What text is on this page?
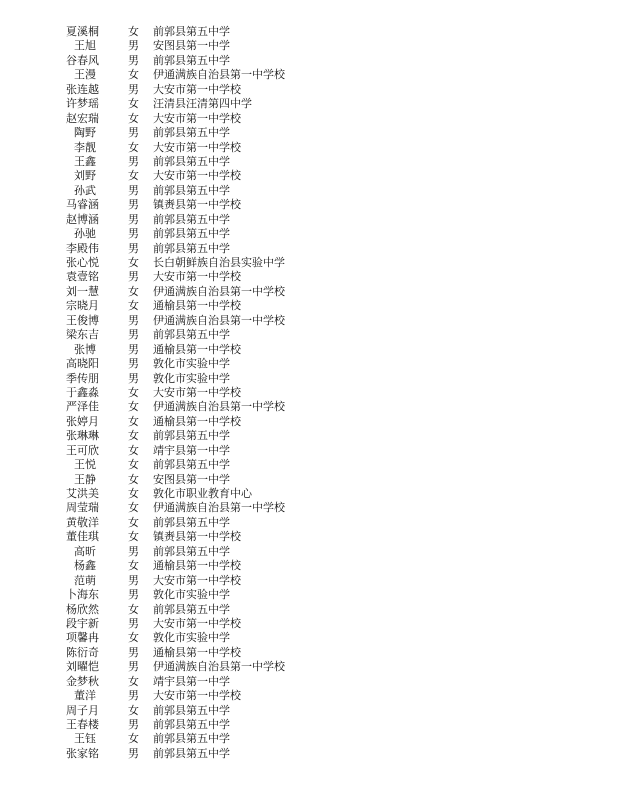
夏溪桐	女	前郭县第五中学
王旭	男	安图县第一中学
谷春风	男	前郭县第五中学
王漫	女	伊通满族自治县第一中学校
张连越	男	大安市第一中学校
许梦瑶	女	汪清县汪清第四中学
赵宏瑞	女	大安市第一中学校
陶野	男	前郭县第五中学
李靓	女	大安市第一中学校
王鑫	男	前郭县第五中学
刘野	女	大安市第一中学校
孙武	男	前郭县第五中学
马睿涵	男	镇赉县第一中学校
赵博涵	男	前郭县第五中学
孙驰	男	前郭县第五中学
李殿伟	男	前郭县第五中学
张心悦	女	长白朝鲜族自治县实验中学
袁壹铭	男	大安市第一中学校
刘一慧	女	伊通满族自治县第一中学校
宗晓月	女	通榆县第一中学校
王俊博	男	伊通满族自治县第一中学校
梁东吉	男	前郭县第五中学
张博	男	通榆县第一中学校
高晓阳	男	敦化市实验中学
季传朋	男	敦化市实验中学
于鑫淼	女	大安市第一中学校
严泽佳	女	伊通满族自治县第一中学校
张婷月	女	通榆县第一中学校
张琳琳	女	前郭县第五中学
王可欣	女	靖宇县第一中学
王悦	女	前郭县第五中学
王静	女	安图县第一中学
艾洪美	女	敦化市职业教育中心
周莹瑞	女	伊通满族自治县第一中学校
黄敬洋	女	前郭县第五中学
董佳琪	女	镇赉县第一中学校
高昕	男	前郭县第五中学
杨鑫	女	通榆县第一中学校
范萌	男	大安市第一中学校
卜海东	男	敦化市实验中学
杨欣然	女	前郭县第五中学
段宇新	男	大安市第一中学校
项馨冉	女	敦化市实验中学
陈衍奇	男	通榆县第一中学校
刘曜恺	男	伊通满族自治县第一中学校
金梦秋	女	靖宇县第一中学
董洋	男	大安市第一中学校
周子月	女	前郭县第五中学
王春楼	男	前郭县第五中学
王钰	女	前郭县第五中学
张家铭	男	前郭县第五中学
